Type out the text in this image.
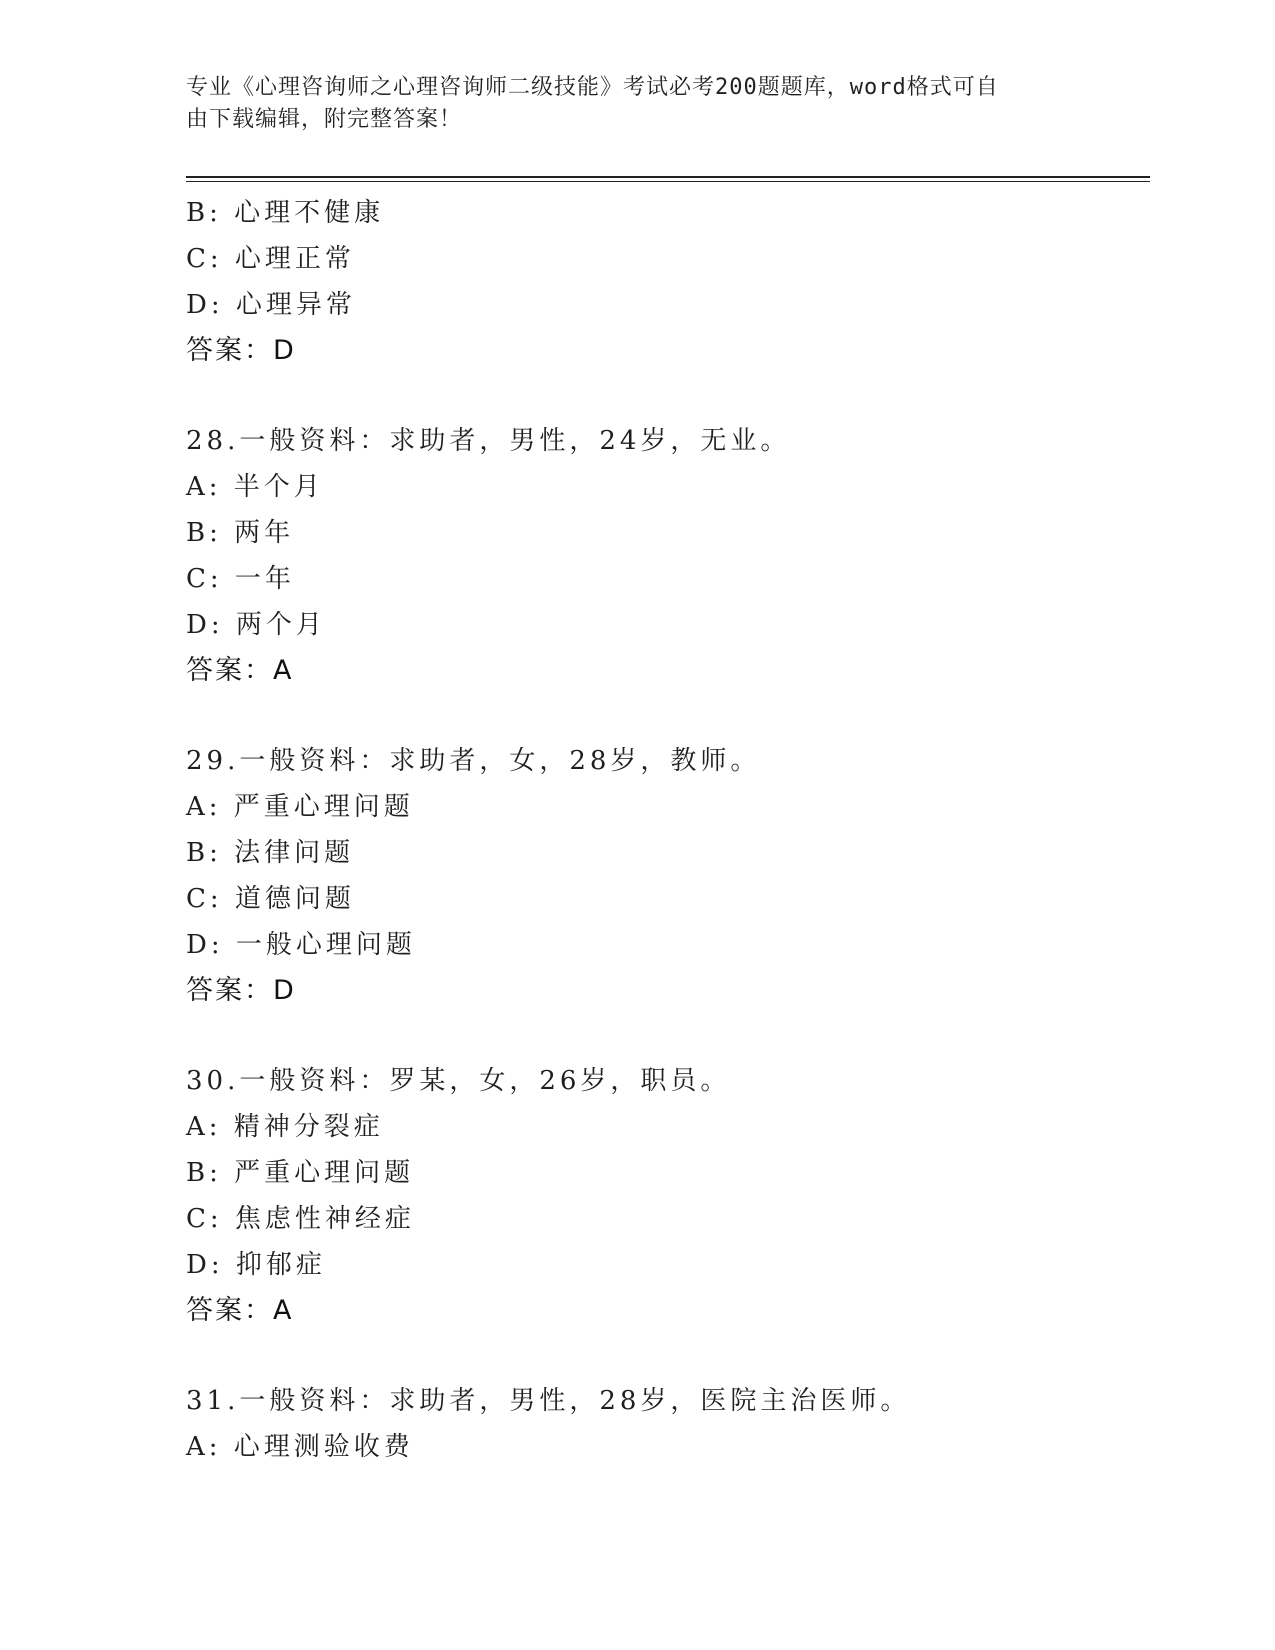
专业《心理咨询师之心理咨询师二级技能》考试必考200题题库，word格式可自
由下载编辑，附完整答案！
B: 心理不健康
C: 心理正常
D: 心理异常
答案：D
28.一般资料：求助者，男性，24岁，无业。
A: 半个月
B: 两年
C: 一年
D: 两个月
答案：A
29.一般资料：求助者，女，28岁，教师。
A: 严重心理问题
B: 法律问题
C: 道德问题
D: 一般心理问题
答案：D
30.一般资料：罗某，女，26岁，职员。
A: 精神分裂症
B: 严重心理问题
C: 焦虑性神经症
D: 抑郁症
答案：A
31.一般资料：求助者，男性，28岁，医院主治医师。
A: 心理测验收费
